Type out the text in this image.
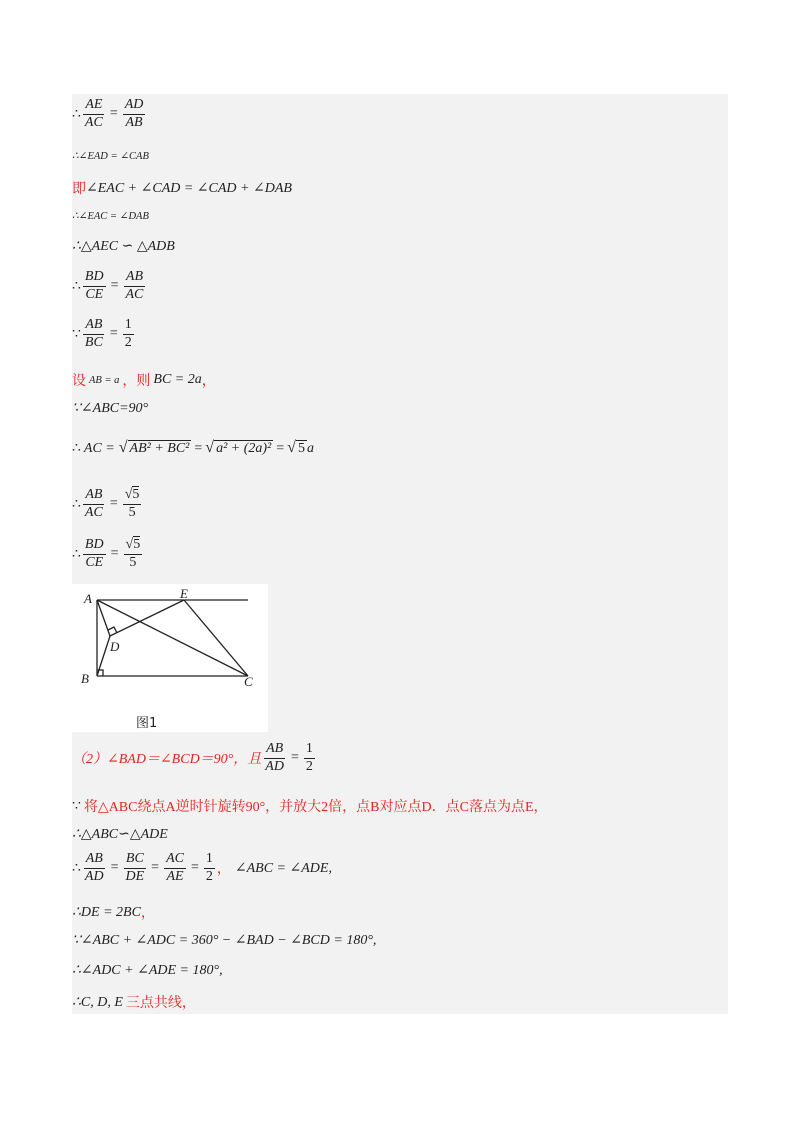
∴ $\frac{AE}{AC} = \frac{AD}{AB}$
∴∠EAD = ∠CAB
即 ∠EAC + ∠CAD = ∠CAD + ∠DAB
∴∠EAC = ∠DAB
∴△AEC ∽ △ADB
∴ $\frac{BD}{CE} = \frac{AB}{AC}$
∵ $\frac{AB}{BC} = \frac{1}{2}$
设 AB = a ，则 BC = 2a ，
∵∠ABC=90°
∴ AC = √ AB² + BC² = √ a² + (2a)² = √ 5 a
∴ $\frac{AB}{AC} = \frac{√5}{5}$
∴ $\frac{BD}{CE} = \frac{√5}{5}$
A	E
D
B	C
图1
（2）∠BAD＝∠BCD＝90°，且 $\frac{AB}{AD} = \frac{1}{2}$
∵ 将△ABC绕点A逆时针旋转90°，并放大2倍，点B对应点D．点C落点为点E，
∴△ABC∽△ADE
∴ $\frac{AB}{AD} = \frac{BC}{DE} = \frac{AC}{AE} = \frac{1}{2}$ ， ∠ABC = ∠ADE,
∴DE = 2BC ，
∵∠ABC + ∠ADC = 360° − ∠BAD − ∠BCD = 180°,
∴∠ADC + ∠ADE = 180°,
∴C, D, E 三点共线，
